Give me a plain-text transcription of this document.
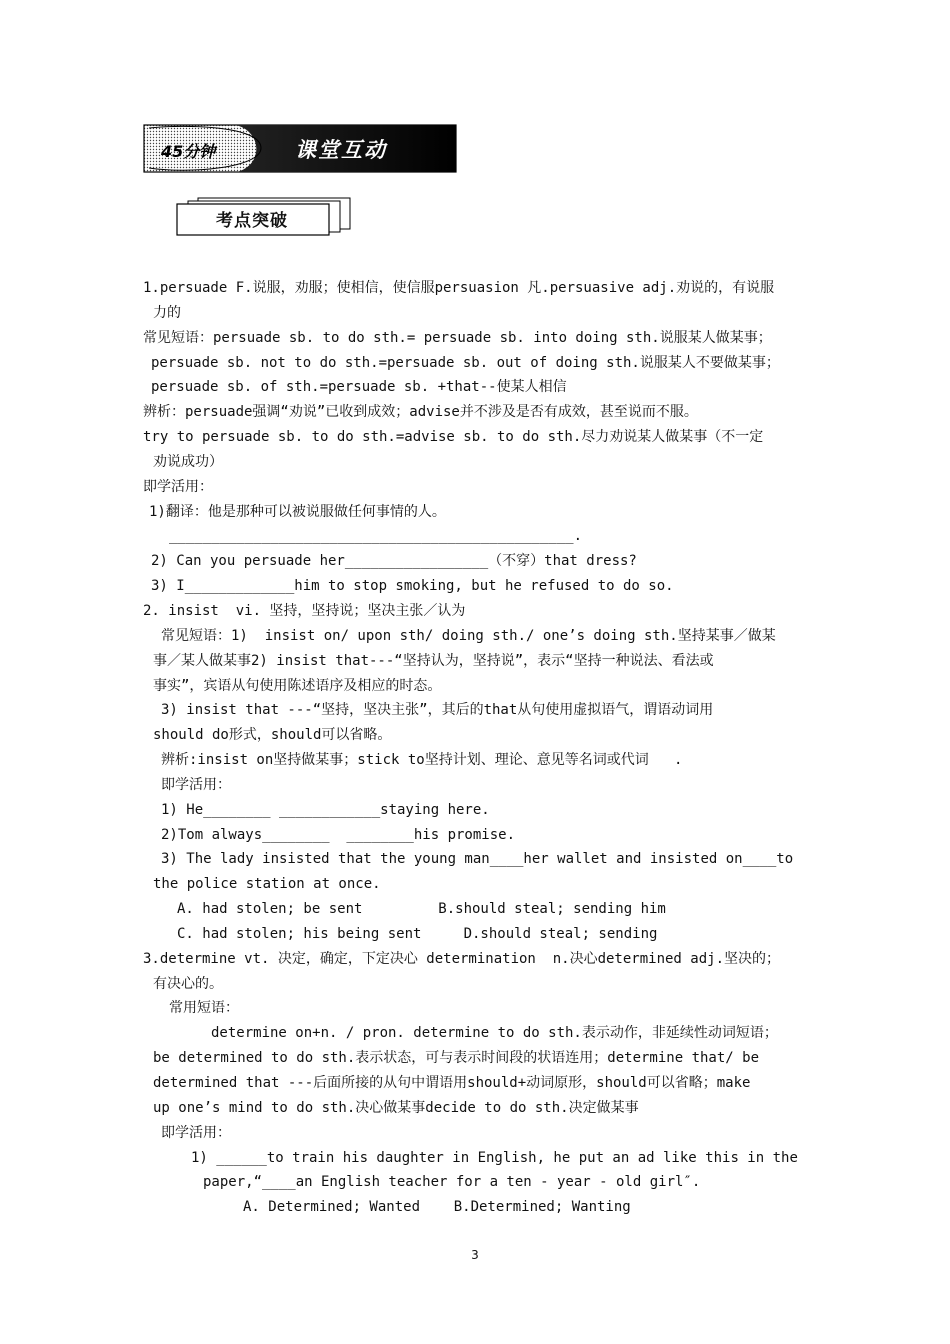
45分钟	课堂互动
考点突破
1.persuade F.说服，劝服；使相信，使信服persuasion 凡.persuasive adj.劝说的，有说服
力的
常见短语：persuade sb. to do sth.= persuade sb. into doing sth.说服某人做某事；
persuade sb. not to do sth.=persuade sb. out of doing sth.说服某人不要做某事；
persuade sb. of sth.=persuade sb. +that--使某人相信
辨析：persuade强调“劝说”已收到成效；advise并不涉及是否有成效，甚至说而不服。
try to persuade sb. to do sth.=advise sb. to do sth.尽力劝说某人做某事（不一定
劝说成功）
即学活用：
1)翻译：他是那种可以被说服做任何事情的人。
________________________________________________.
2) Can you persuade her_________________（不穿）that dress?
3) I_____________him to stop smoking, but he refused to do so.
2. insist  vi. 坚持，坚持说；坚决主张／认为
常见短语：1)  insist on/ upon sth/ doing sth./ one’s doing sth.坚持某事／做某
事／某人做某事2) insist that---“坚持认为，坚持说”，表示“坚持一种说法、看法或
事实”，宾语从句使用陈述语序及相应的时态。
3) insist that ---“坚持，坚决主张”，其后的that从句使用虚拟语气，谓语动词用
should do形式，should可以省略。
辨析:insist on坚持做某事；stick to坚持计划、理论、意见等名词或代词   .
即学活用：
1) He________ ____________staying here.
2)Tom always________  ________his promise.
3) The lady insisted that the young man____her wallet and insisted on____to
the police station at once.
A. had stolen; be sent         B.should steal; sending him
C. had stolen; his being sent     D.should steal; sending
3.determine vt. 决定，确定，下定决心 determination  n.决心determined adj.坚决的；
有决心的。
常用短语：
determine on+n. / pron. determine to do sth.表示动作，非延续性动词短语；
be determined to do sth.表示状态，可与表示时间段的状语连用；determine that/ be
determined that ---后面所接的从句中谓语用should+动词原形，should可以省略；make
up one’s mind to do sth.决心做某事decide to do sth.决定做某事
即学活用：
1) ______to train his daughter in English, he put an ad like this in the
paper,“____an English teacher for a ten - year - old girl″.
A. Determined; Wanted    B.Determined; Wanting
3
